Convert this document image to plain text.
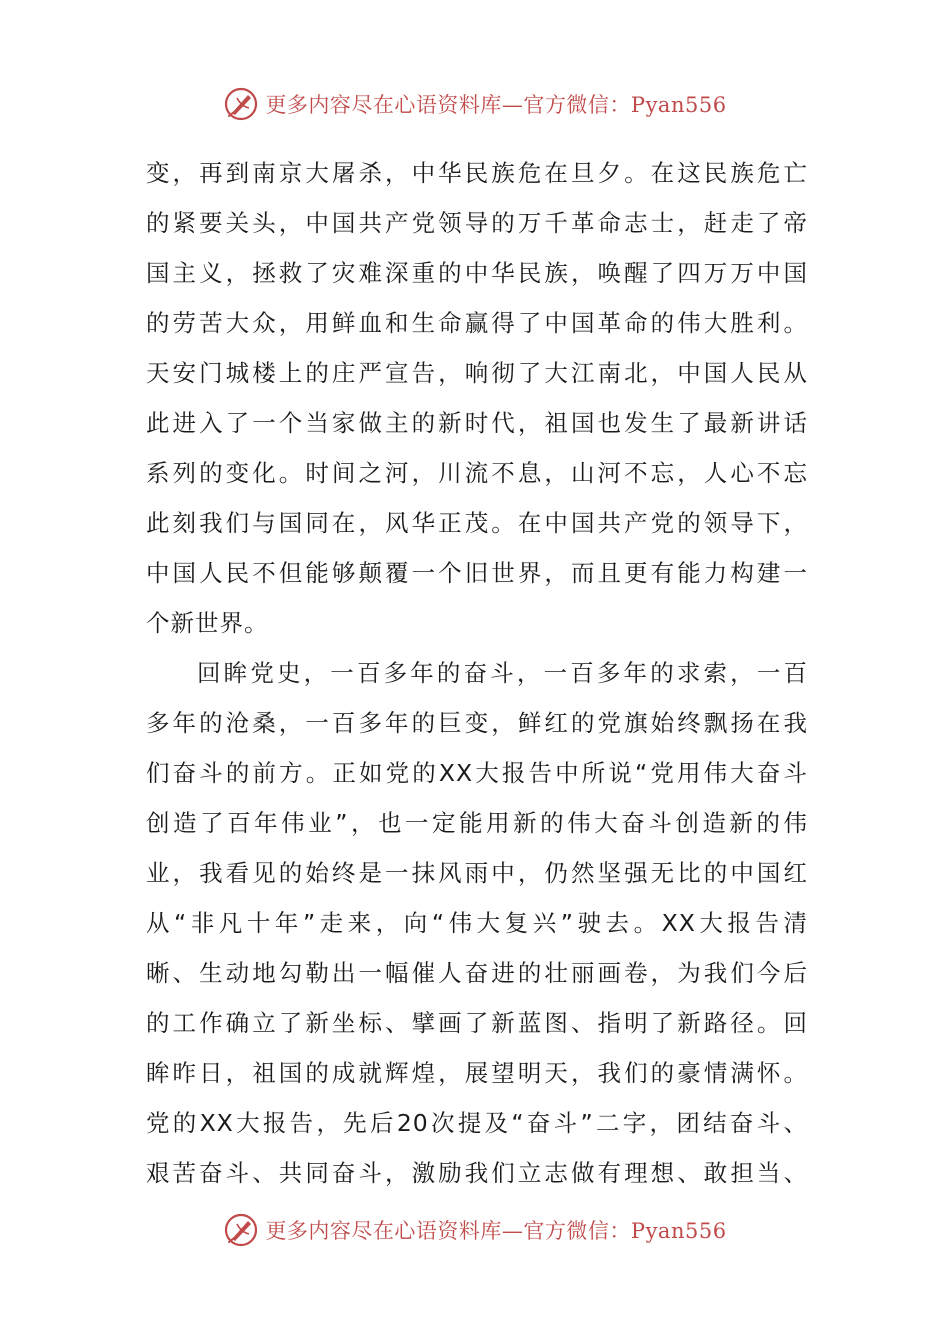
更多内容尽在心语资料库—官方微信：Pyan556
变，再到南京大屠杀，中华民族危在旦夕。在这民族危亡
的紧要关头，中国共产党领导的万千革命志士，赶走了帝
国主义，拯救了灾难深重的中华民族，唤醒了四万万中国
的劳苦大众，用鲜血和生命赢得了中国革命的伟大胜利。
天安门城楼上的庄严宣告，响彻了大江南北，中国人民从
此进入了一个当家做主的新时代，祖国也发生了最新讲话
系列的变化。时间之河，川流不息，山河不忘，人心不忘
此刻我们与国同在，风华正茂。在中国共产党的领导下，
中国人民不但能够颠覆一个旧世界，而且更有能力构建一
个新世界。
回眸党史，一百多年的奋斗，一百多年的求索，一百
多年的沧桑，一百多年的巨变，鲜红的党旗始终飘扬在我
们奋斗的前方。正如党的XX大报告中所说“党用伟大奋斗
创造了百年伟业”，也一定能用新的伟大奋斗创造新的伟
业，我看见的始终是一抹风雨中，仍然坚强无比的中国红
从“非凡十年”走来，向“伟大复兴”驶去。XX大报告清
晰、生动地勾勒出一幅催人奋进的壮丽画卷，为我们今后
的工作确立了新坐标、擘画了新蓝图、指明了新路径。回
眸昨日，祖国的成就辉煌，展望明天，我们的豪情满怀。
党的XX大报告，先后20次提及“奋斗”二字，团结奋斗、
艰苦奋斗、共同奋斗，激励我们立志做有理想、敢担当、
更多内容尽在心语资料库—官方微信：Pyan556
